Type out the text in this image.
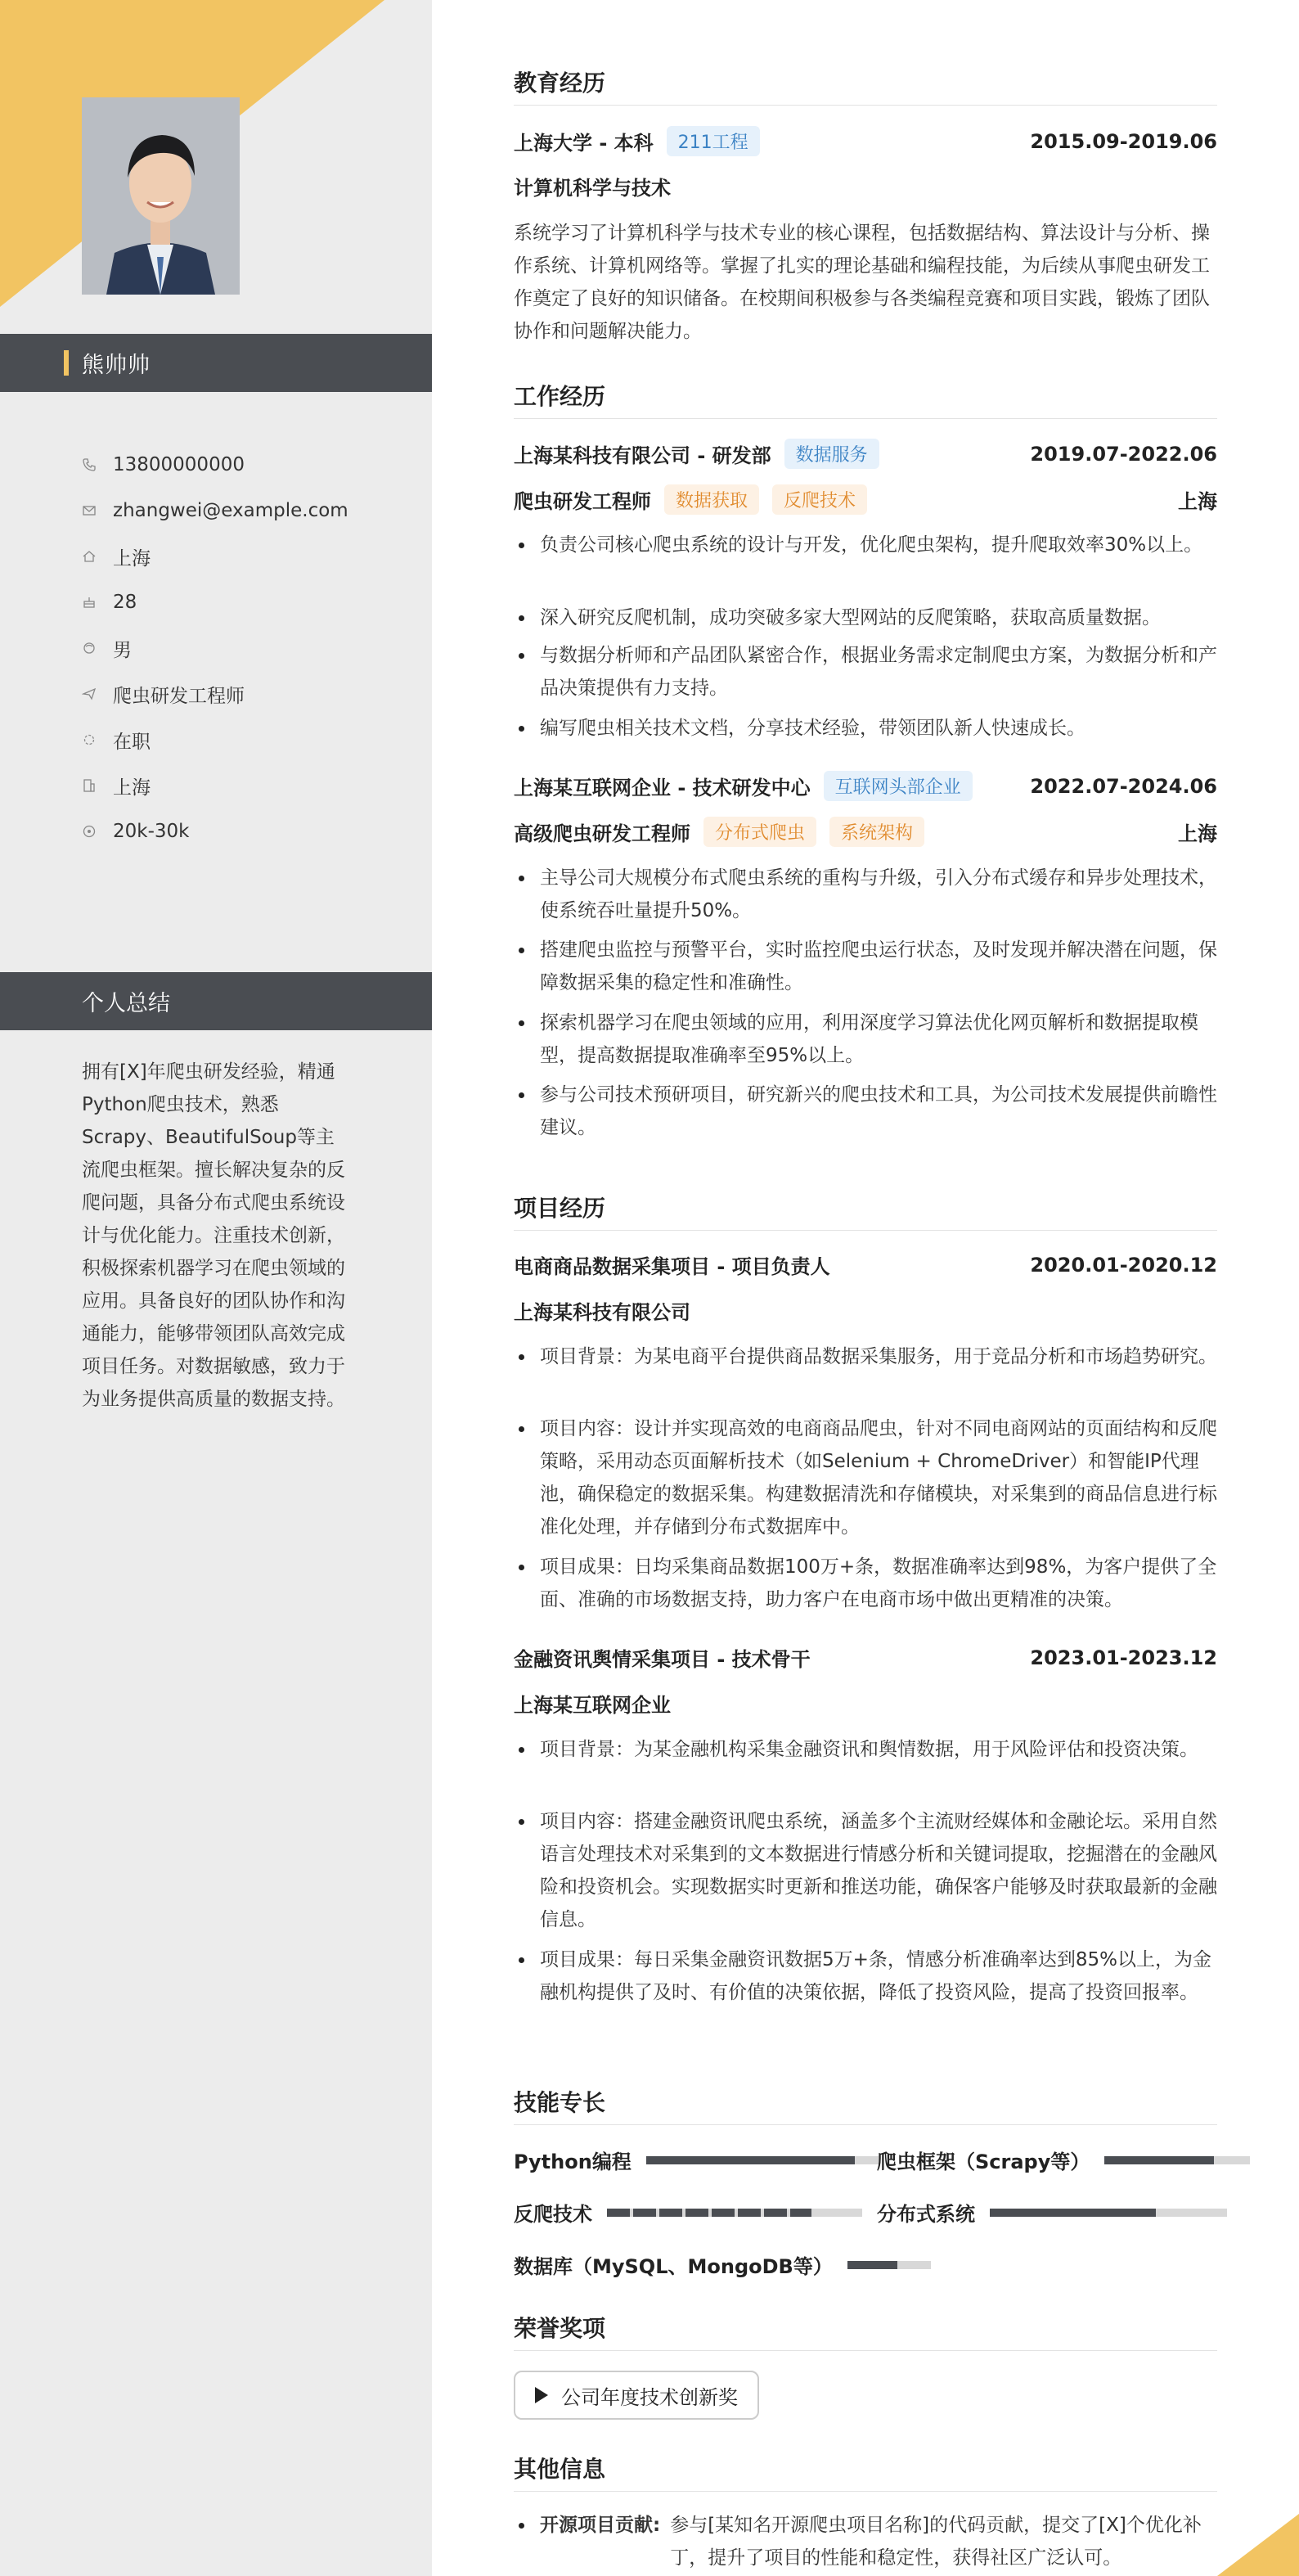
熊帅帅
13800000000
zhangwei@example.com
上海
28
男
爬虫研发工程师
在职
上海
20k-30k
个人总结
拥有[X]年爬虫研发经验，精通Python爬虫技术，熟悉Scrapy、BeautifulSoup等主流爬虫框架。擅长解决复杂的反爬问题，具备分布式爬虫系统设计与优化能力。注重技术创新，积极探索机器学习在爬虫领域的应用。具备良好的团队协作和沟通能力，能够带领团队高效完成项目任务。对数据敏感，致力于为业务提供高质量的数据支持。
教育经历
上海大学 - 本科	211工程	2015.09-2019.06
计算机科学与技术
系统学习了计算机科学与技术专业的核心课程，包括数据结构、算法设计与分析、操作系统、计算机网络等。掌握了扎实的理论基础和编程技能，为后续从事爬虫研发工作奠定了良好的知识储备。在校期间积极参与各类编程竞赛和项目实践，锻炼了团队协作和问题解决能力。
工作经历
上海某科技有限公司 - 研发部	数据服务	2019.07-2022.06
爬虫研发工程师	数据获取	反爬技术	上海
负责公司核心爬虫系统的设计与开发，优化爬虫架构，提升爬取效率30%以上。
深入研究反爬机制，成功突破多家大型网站的反爬策略，获取高质量数据。
与数据分析师和产品团队紧密合作，根据业务需求定制爬虫方案，为数据分析和产品决策提供有力支持。
编写爬虫相关技术文档，分享技术经验，带领团队新人快速成长。
上海某互联网企业 - 技术研发中心	互联网头部企业	2022.07-2024.06
高级爬虫研发工程师	分布式爬虫	系统架构	上海
主导公司大规模分布式爬虫系统的重构与升级，引入分布式缓存和异步处理技术，使系统吞吐量提升50%。
搭建爬虫监控与预警平台，实时监控爬虫运行状态，及时发现并解决潜在问题，保障数据采集的稳定性和准确性。
探索机器学习在爬虫领域的应用，利用深度学习算法优化网页解析和数据提取模型，提高数据提取准确率至95%以上。
参与公司技术预研项目，研究新兴的爬虫技术和工具，为公司技术发展提供前瞻性建议。
项目经历
电商商品数据采集项目 - 项目负责人	2020.01-2020.12
上海某科技有限公司
项目背景：为某电商平台提供商品数据采集服务，用于竞品分析和市场趋势研究。
项目内容：设计并实现高效的电商商品爬虫，针对不同电商网站的页面结构和反爬策略，采用动态页面解析技术（如Selenium + ChromeDriver）和智能IP代理池，确保稳定的数据采集。构建数据清洗和存储模块，对采集到的商品信息进行标准化处理，并存储到分布式数据库中。
项目成果：日均采集商品数据100万+条，数据准确率达到98%，为客户提供了全面、准确的市场数据支持，助力客户在电商市场中做出更精准的决策。
金融资讯舆情采集项目 - 技术骨干	2023.01-2023.12
上海某互联网企业
项目背景：为某金融机构采集金融资讯和舆情数据，用于风险评估和投资决策。
项目内容：搭建金融资讯爬虫系统，涵盖多个主流财经媒体和金融论坛。采用自然语言处理技术对采集到的文本数据进行情感分析和关键词提取，挖掘潜在的金融风险和投资机会。实现数据实时更新和推送功能，确保客户能够及时获取最新的金融信息。
项目成果：每日采集金融资讯数据5万+条，情感分析准确率达到85%以上，为金融机构提供了及时、有价值的决策依据，降低了投资风险，提高了投资回报率。
技能专长
Python编程	爬虫框架（Scrapy等）
反爬技术	分布式系统
数据库（MySQL、MongoDB等）
荣誉奖项
公司年度技术创新奖
其他信息
开源项目贡献: 参与[某知名开源爬虫项目名称]的代码贡献，提交了[X]个优化补丁，提升了项目的性能和稳定性，获得社区广泛认可。
